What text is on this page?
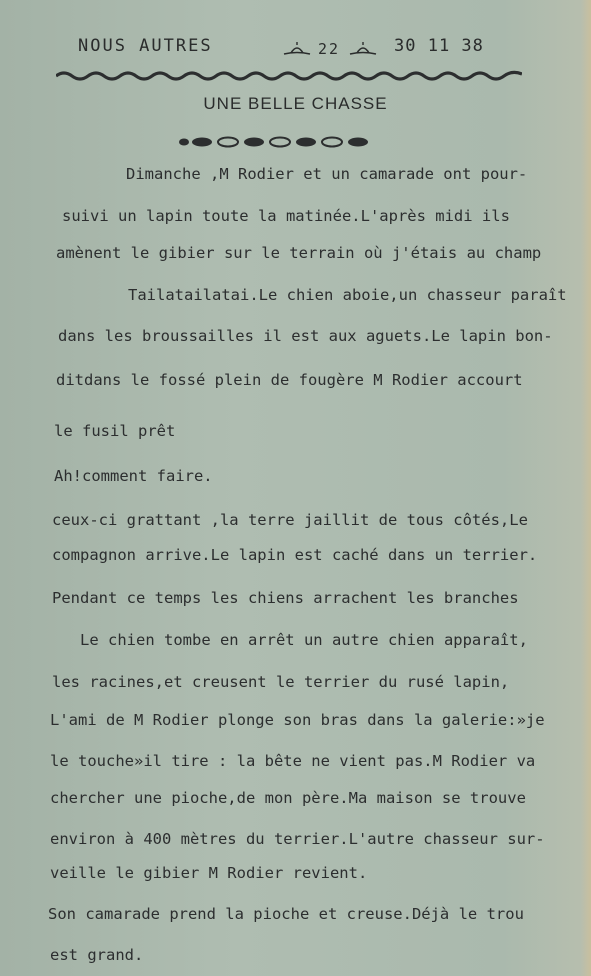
NOUS AUTRES	22	30 11 38
UNE BELLE CHASSE
Dimanche ,M Rodier et un camarade ont pour-
suivi un lapin toute la matinée.L'après midi ils
amènent le gibier sur le terrain où j'étais au champ
Tailatailatai.Le chien aboie,un chasseur paraît
dans les broussailles il est aux aguets.Le lapin bon-
ditdans le fossé plein de fougère M Rodier accourt
le fusil prêt
Ah!comment faire.
ceux-ci grattant ,la terre jaillit de tous côtés,Le
compagnon arrive.Le lapin est caché dans un terrier.
Pendant ce temps les chiens arrachent les branches
Le chien tombe en arrêt un autre chien apparaît,
les racines,et creusent le terrier du rusé lapin,
L'ami de M Rodier plonge son bras dans la galerie:»je
le touche»il tire : la bête ne vient pas.M Rodier va
chercher une pioche,de mon père.Ma maison se trouve
environ à 400 mètres du terrier.L'autre chasseur sur-
veille le gibier M Rodier revient.
Son camarade prend la pioche et creuse.Déjà le trou
est grand.
